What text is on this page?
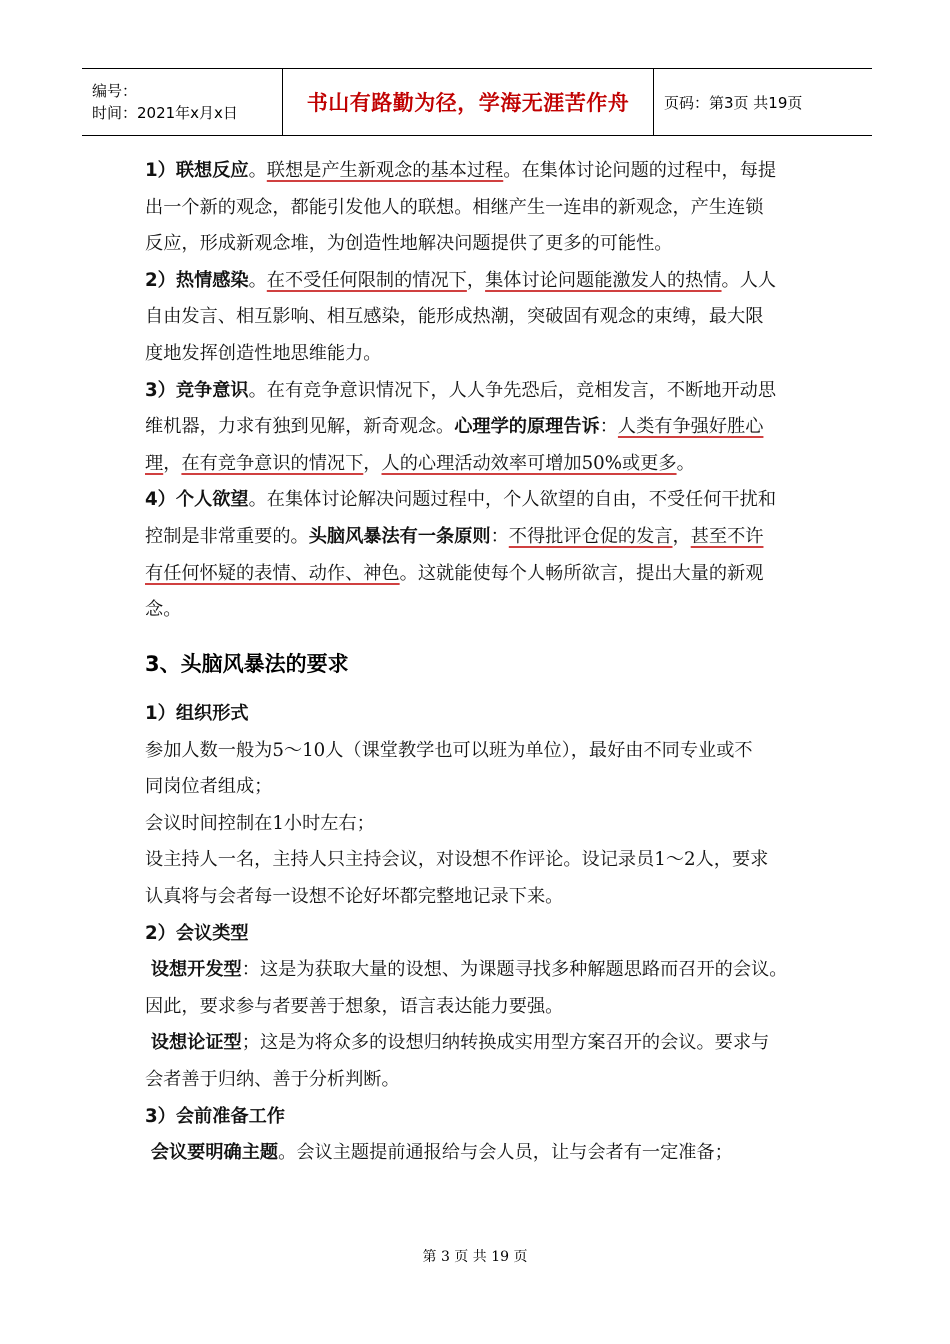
编号：
时间：2021年x月x日	书山有路勤为径，学海无涯苦作舟	页码：第3页 共19页
1）联想反应。联想是产生新观念的基本过程。在集体讨论问题的过程中，每提
出一个新的观念，都能引发他人的联想。相继产生一连串的新观念，产生连锁
反应，形成新观念堆，为创造性地解决问题提供了更多的可能性。
2）热情感染。在不受任何限制的情况下，集体讨论问题能激发人的热情。人人
自由发言、相互影响、相互感染，能形成热潮，突破固有观念的束缚，最大限
度地发挥创造性地思维能力。
3）竞争意识。在有竞争意识情况下，人人争先恐后，竞相发言，不断地开动思
维机器，力求有独到见解，新奇观念。心理学的原理告诉：人类有争强好胜心
理，在有竞争意识的情况下，人的心理活动效率可增加50%或更多。
4）个人欲望。在集体讨论解决问题过程中，个人欲望的自由，不受任何干扰和
控制是非常重要的。头脑风暴法有一条原则：不得批评仓促的发言，甚至不许
有任何怀疑的表情、动作、神色。这就能使每个人畅所欲言，提出大量的新观
念。
3、头脑风暴法的要求
1）组织形式
参加人数一般为5～10人（课堂教学也可以班为单位），最好由不同专业或不
同岗位者组成；
会议时间控制在1小时左右；
设主持人一名，主持人只主持会议，对设想不作评论。设记录员1～2人，要求
认真将与会者每一设想不论好坏都完整地记录下来。
2）会议类型
设想开发型：这是为获取大量的设想、为课题寻找多种解题思路而召开的会议。
因此，要求参与者要善于想象，语言表达能力要强。
设想论证型；这是为将众多的设想归纳转换成实用型方案召开的会议。要求与
会者善于归纳、善于分析判断。
3）会前准备工作
会议要明确主题。会议主题提前通报给与会人员，让与会者有一定准备；
第 3 页 共 19 页
